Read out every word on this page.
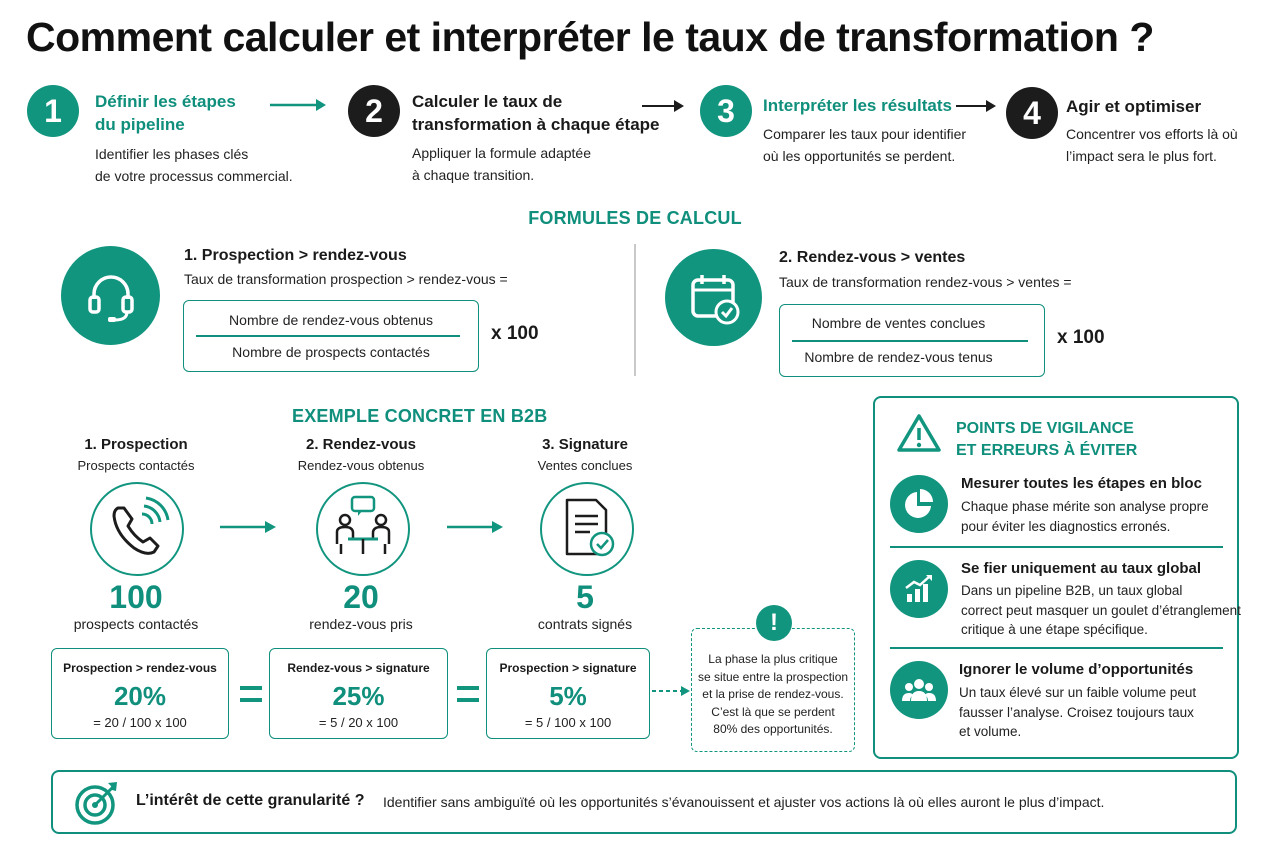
Comment calculer et interpréter le taux de transformation ?
1	Définir les étapes
du pipeline
Identifier les phases clés
de votre processus commercial.
2	Calculer le taux de
transformation à chaque étape
Appliquer la formule adaptée
à chaque transition.
3	Interpréter les résultats
Comparer les taux pour identifier
où les opportunités se perdent.
4	Agir et optimiser
Concentrer vos efforts là où
l’impact sera le plus fort.
FORMULES DE CALCUL
1. Prospection > rendez-vous
Taux de transformation prospection > rendez-vous =
Nombre de rendez-vous obtenus
Nombre de prospects contactés
x 100
2. Rendez-vous > ventes
Taux de transformation rendez-vous > ventes =
Nombre de ventes conclues
Nombre de rendez-vous tenus
x 100
EXEMPLE CONCRET EN B2B
1. Prospection
Prospects contactés
100
prospects contactés
2. Rendez-vous
Rendez-vous obtenus
20
rendez-vous pris
3. Signature
Ventes conclues
5
contrats signés
Prospection > rendez-vous
20%
= 20 / 100 x 100
Rendez-vous > signature
25%
= 5 / 20 x 100
Prospection > signature
5%
= 5 / 100 x 100
!
La phase la plus critique
se situe entre la prospection
et la prise de rendez-vous.
C’est là que se perdent
80% des opportunités.
POINTS DE VIGILANCE
ET ERREURS À ÉVITER
Mesurer toutes les étapes en bloc
Chaque phase mérite son analyse propre
pour éviter les diagnostics erronés.
Se fier uniquement au taux global
Dans un pipeline B2B, un taux global
correct peut masquer un goulet d’étranglement
critique à une étape spécifique.
Ignorer le volume d’opportunités
Un taux élevé sur un faible volume peut
fausser l’analyse. Croisez toujours taux
et volume.
L’intérêt de cette granularité ? Identifier sans ambiguïté où les opportunités s’évanouissent et ajuster vos actions là où elles auront le plus d’impact.
